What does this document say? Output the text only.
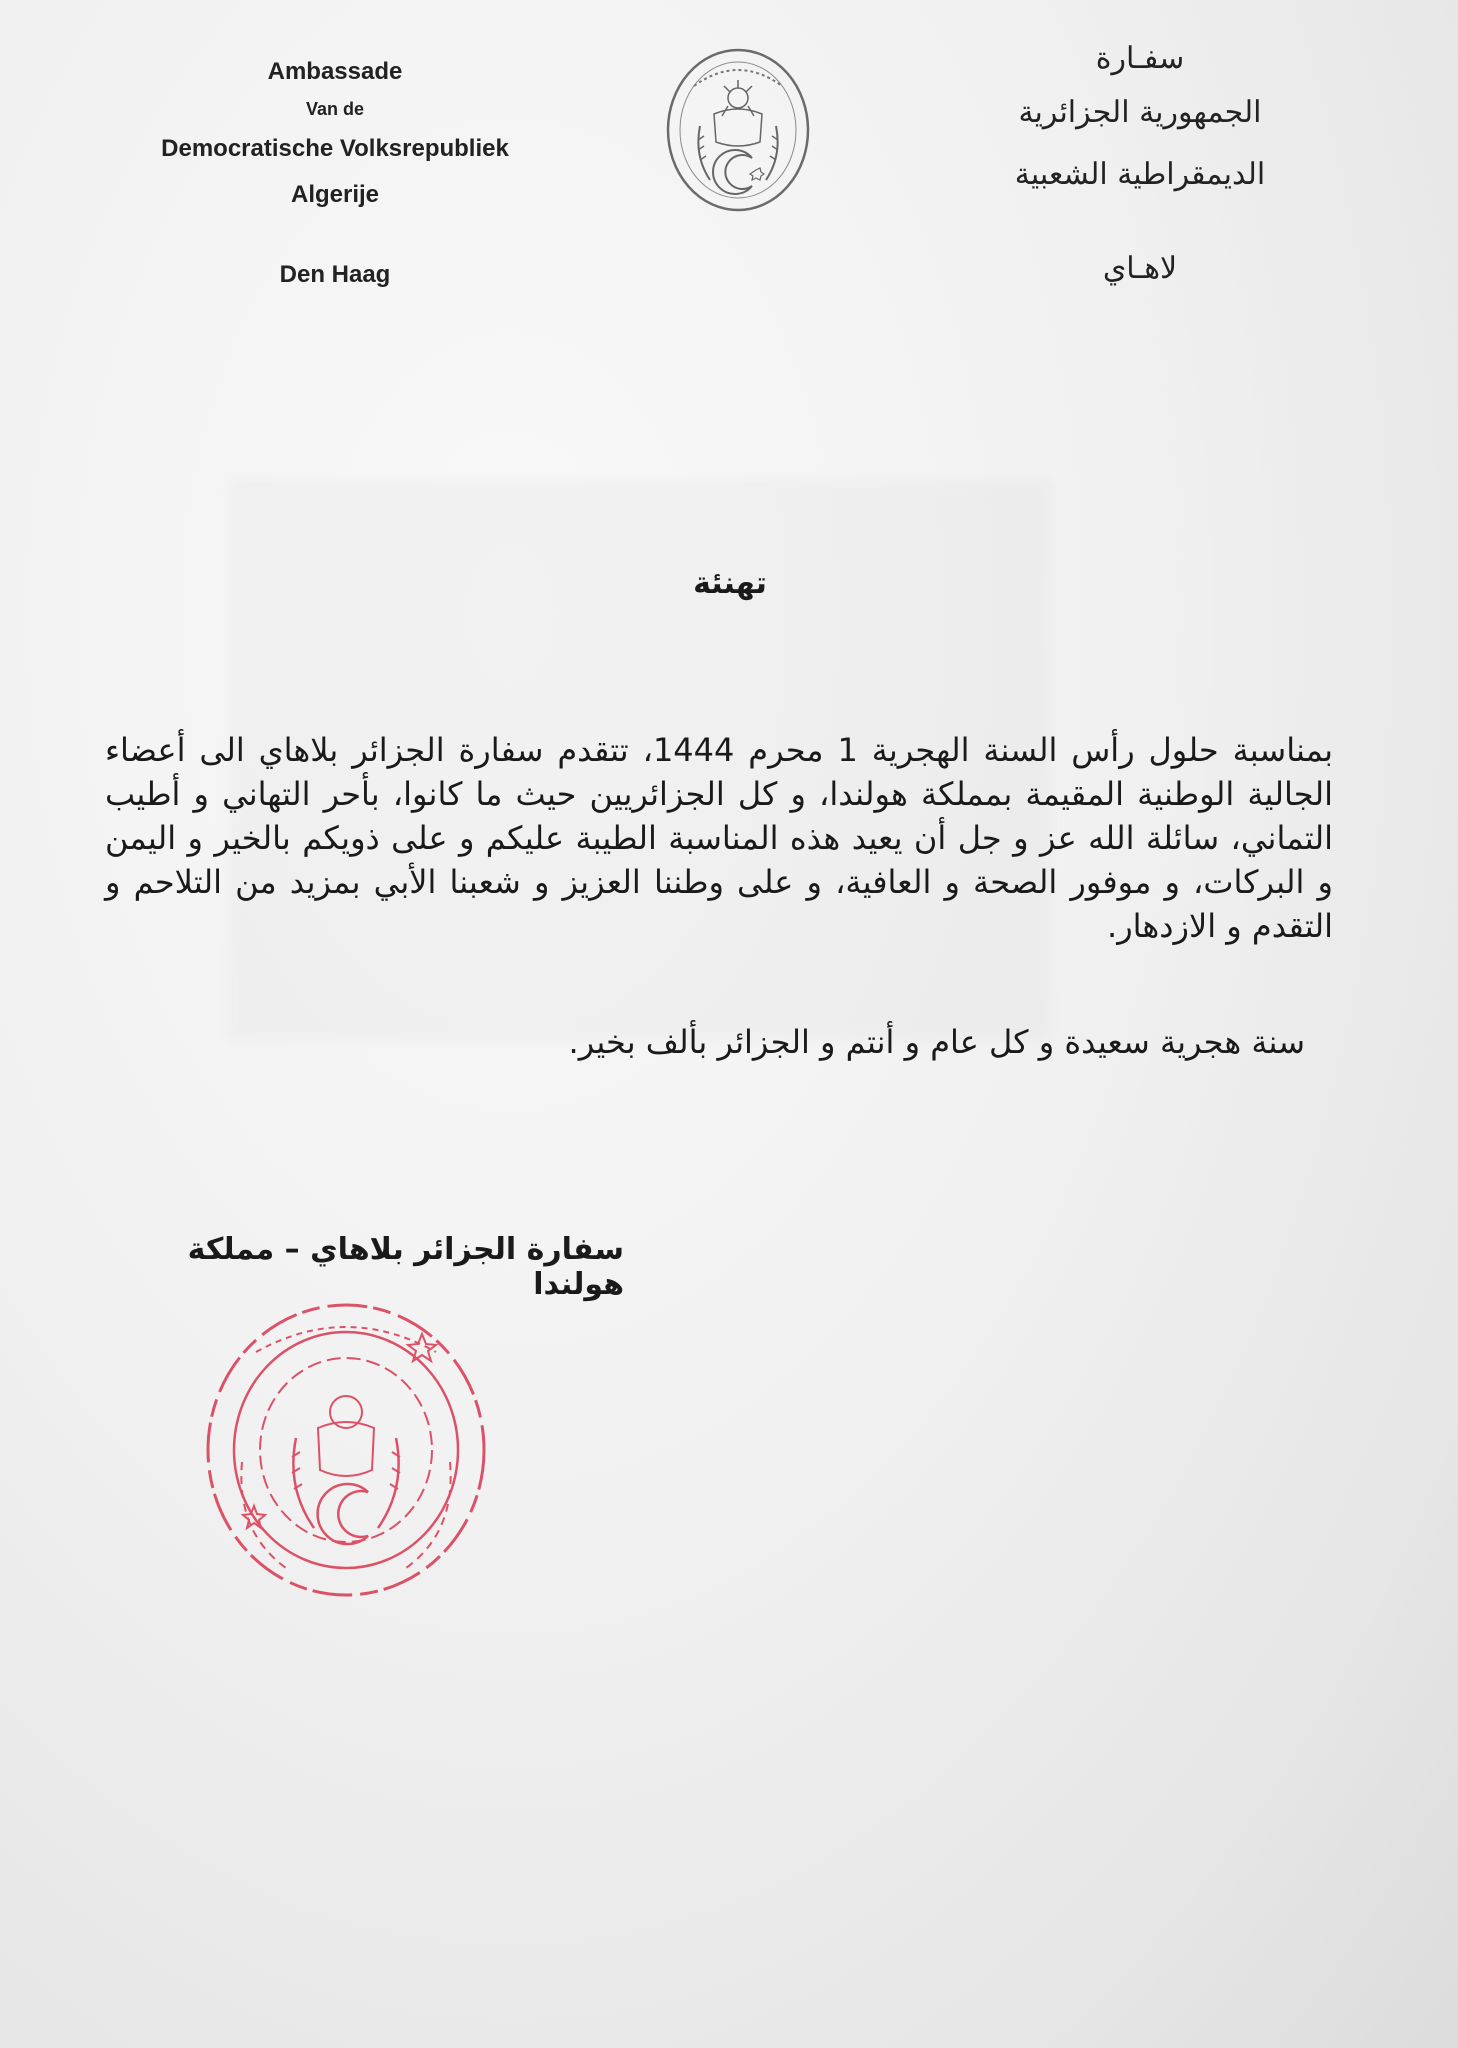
Ambassade
Van de
Democratische Volksrepubliek
Algerije
Den Haag
سفـارة
الجمهورية الجزائرية
الديمقراطية الشعبية
لاهـاي
تهنئة
بمناسبة حلول رأس السنة الهجرية 1 محرم 1444، تتقدم سفارة الجزائر بلاهاي الى أعضاء الجالية الوطنية المقيمة بمملكة هولندا، و كل الجزائريين حيث ما كانوا، بأحر التهاني و أطيب التماني، سائلة الله عز و جل أن يعيد هذه المناسبة الطيبة عليكم و على ذويكم بالخير و اليمن و البركات، و موفور الصحة و العافية، و على وطننا العزيز و شعبنا الأبي بمزيد من التلاحم و التقدم و الازدهار.
سنة هجرية سعيدة و كل عام و أنتم و الجزائر بألف بخير.
سفارة الجزائر بلاهاي – مملكة هولندا
